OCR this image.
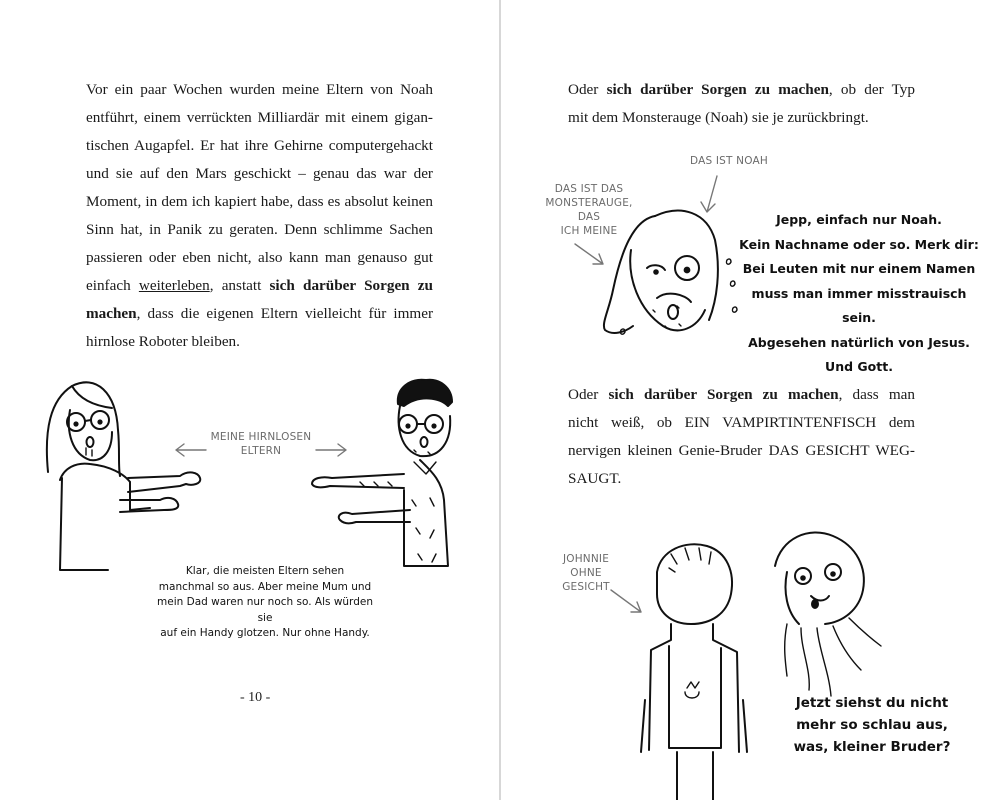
Vor ein paar Wochen wurden meine Eltern von Noah
entführt, einem verrückten Milliardär mit einem gigan-
tischen Augapfel. Er hat ihre Gehirne computergehackt
und sie auf den Mars geschickt – genau das war der
Moment, in dem ich kapiert habe, dass es absolut keinen
Sinn hat, in Panik zu geraten. Denn schlimme Sachen
passieren oder eben nicht, also kann man genauso gut
einfach weiterleben, anstatt sich darüber Sorgen zu
machen, dass die eigenen Eltern vielleicht für immer
hirnlose Roboter bleiben.
MEINE HIRNLOSEN ELTERN
Klar, die meisten Eltern sehen
manchmal so aus. Aber meine Mum und
mein Dad waren nur noch so. Als würden sie
auf ein Handy glotzen. Nur ohne Handy.
- 10 -
Oder sich darüber Sorgen zu machen, ob der Typ
mit dem Monsterauge (Noah) sie je zurückbringt.
DAS IST NOAH
DAS IST DAS
MONSTERAUGE, DAS
ICH MEINE
Jepp, einfach nur Noah.
Kein Nachname oder so. Merk dir:
Bei Leuten mit nur einem Namen
muss man immer misstrauisch sein.
Abgesehen natürlich von Jesus.
Und Gott.
Oder sich darüber Sorgen zu machen, dass man
nicht weiß, ob EIN VAMPIRTINTENFISCH dem
nervigen kleinen Genie-Bruder DAS GESICHT WEG-
SAUGT.
JOHNNIE
OHNE
GESICHT
Jetzt siehst du nicht
mehr so schlau aus,
was, kleiner Bruder?
